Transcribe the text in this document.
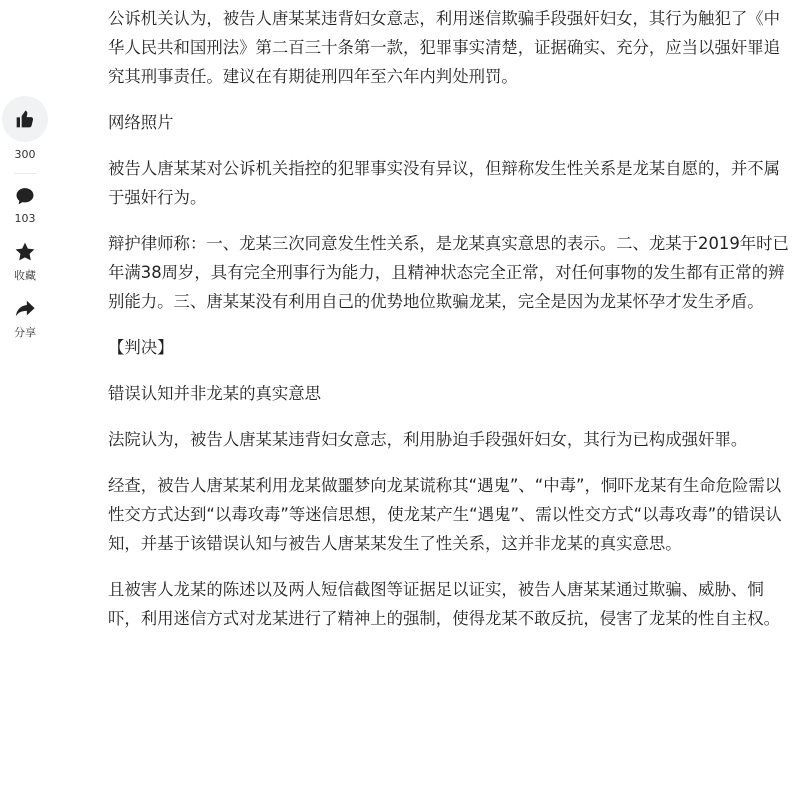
300
103
收藏
分享

公诉机关认为，被告人唐某某违背妇女意志，利用迷信欺骗手段强奸妇女，其行为触犯了《中华人民共和国刑法》第二百三十条第一款，犯罪事实清楚，证据确实、充分，应当以强奸罪追究其刑事责任。建议在有期徒刑四年至六年内判处刑罚。

网络照片

被告人唐某某对公诉机关指控的犯罪事实没有异议，但辩称发生性关系是龙某自愿的，并不属于强奸行为。

辩护律师称：一、龙某三次同意发生性关系，是龙某真实意思的表示。二、龙某于2019年时已年满38周岁，具有完全刑事行为能力，且精神状态完全正常，对任何事物的发生都有正常的辨别能力。三、唐某某没有利用自己的优势地位欺骗龙某，完全是因为龙某怀孕才发生矛盾。

【判决】

错误认知并非龙某的真实意思

法院认为，被告人唐某某违背妇女意志，利用胁迫手段强奸妇女，其行为已构成强奸罪。

经查，被告人唐某某利用龙某做噩梦向龙某谎称其“遇鬼”、“中毒”，恫吓龙某有生命危险需以性交方式达到“以毒攻毒”等迷信思想，使龙某产生“遇鬼”、需以性交方式“以毒攻毒”的错误认知，并基于该错误认知与被告人唐某某发生了性关系，这并非龙某的真实意思。

且被害人龙某的陈述以及两人短信截图等证据足以证实，被告人唐某某通过欺骗、威胁、恫吓，利用迷信方式对龙某进行了精神上的强制，使得龙某不敢反抗，侵害了龙某的性自主权。
